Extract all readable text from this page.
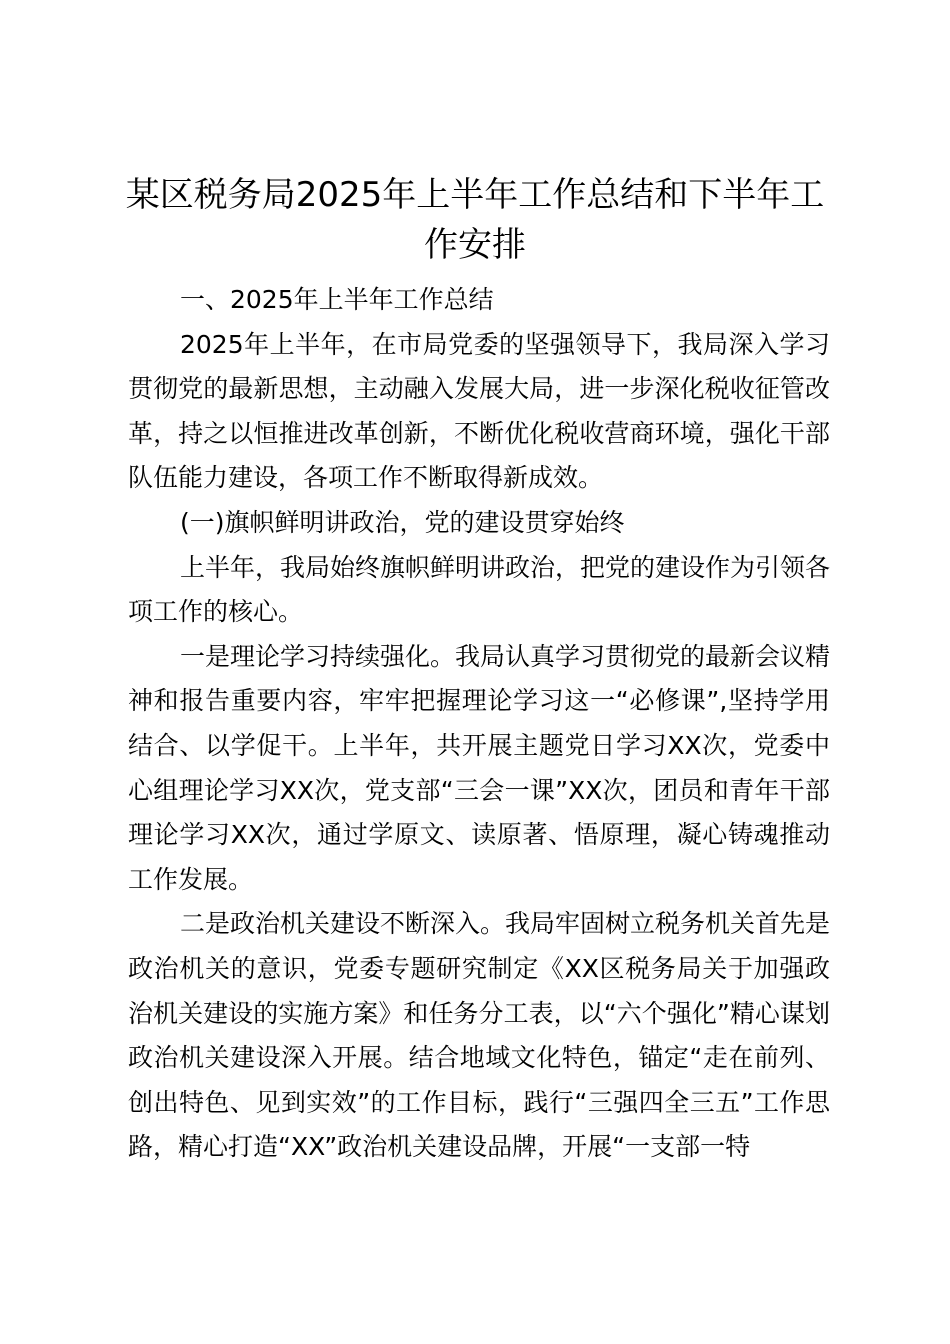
某区税务局2025年上半年工作总结和下半年工作安排

一、2025年上半年工作总结

2025年上半年，在市局党委的坚强领导下，我局深入学习贯彻党的最新思想，主动融入发展大局，进一步深化税收征管改革，持之以恒推进改革创新，不断优化税收营商环境，强化干部队伍能力建设，各项工作不断取得新成效。

(一)旗帜鲜明讲政治，党的建设贯穿始终

上半年，我局始终旗帜鲜明讲政治，把党的建设作为引领各项工作的核心。

一是理论学习持续强化。我局认真学习贯彻党的最新会议精神和报告重要内容，牢牢把握理论学习这一“必修课”,坚持学用结合、以学促干。上半年，共开展主题党日学习XX次，党委中心组理论学习XX次，党支部“三会一课”XX次，团员和青年干部理论学习XX次，通过学原文、读原著、悟原理，凝心铸魂推动工作发展。

二是政治机关建设不断深入。我局牢固树立税务机关首先是政治机关的意识，党委专题研究制定《XX区税务局关于加强政治机关建设的实施方案》和任务分工表，以“六个强化”精心谋划政治机关建设深入开展。结合地域文化特色，锚定“走在前列、创出特色、见到实效”的工作目标，践行“三强四全三五”工作思路，精心打造“XX”政治机关建设品牌，开展“一支部一特
